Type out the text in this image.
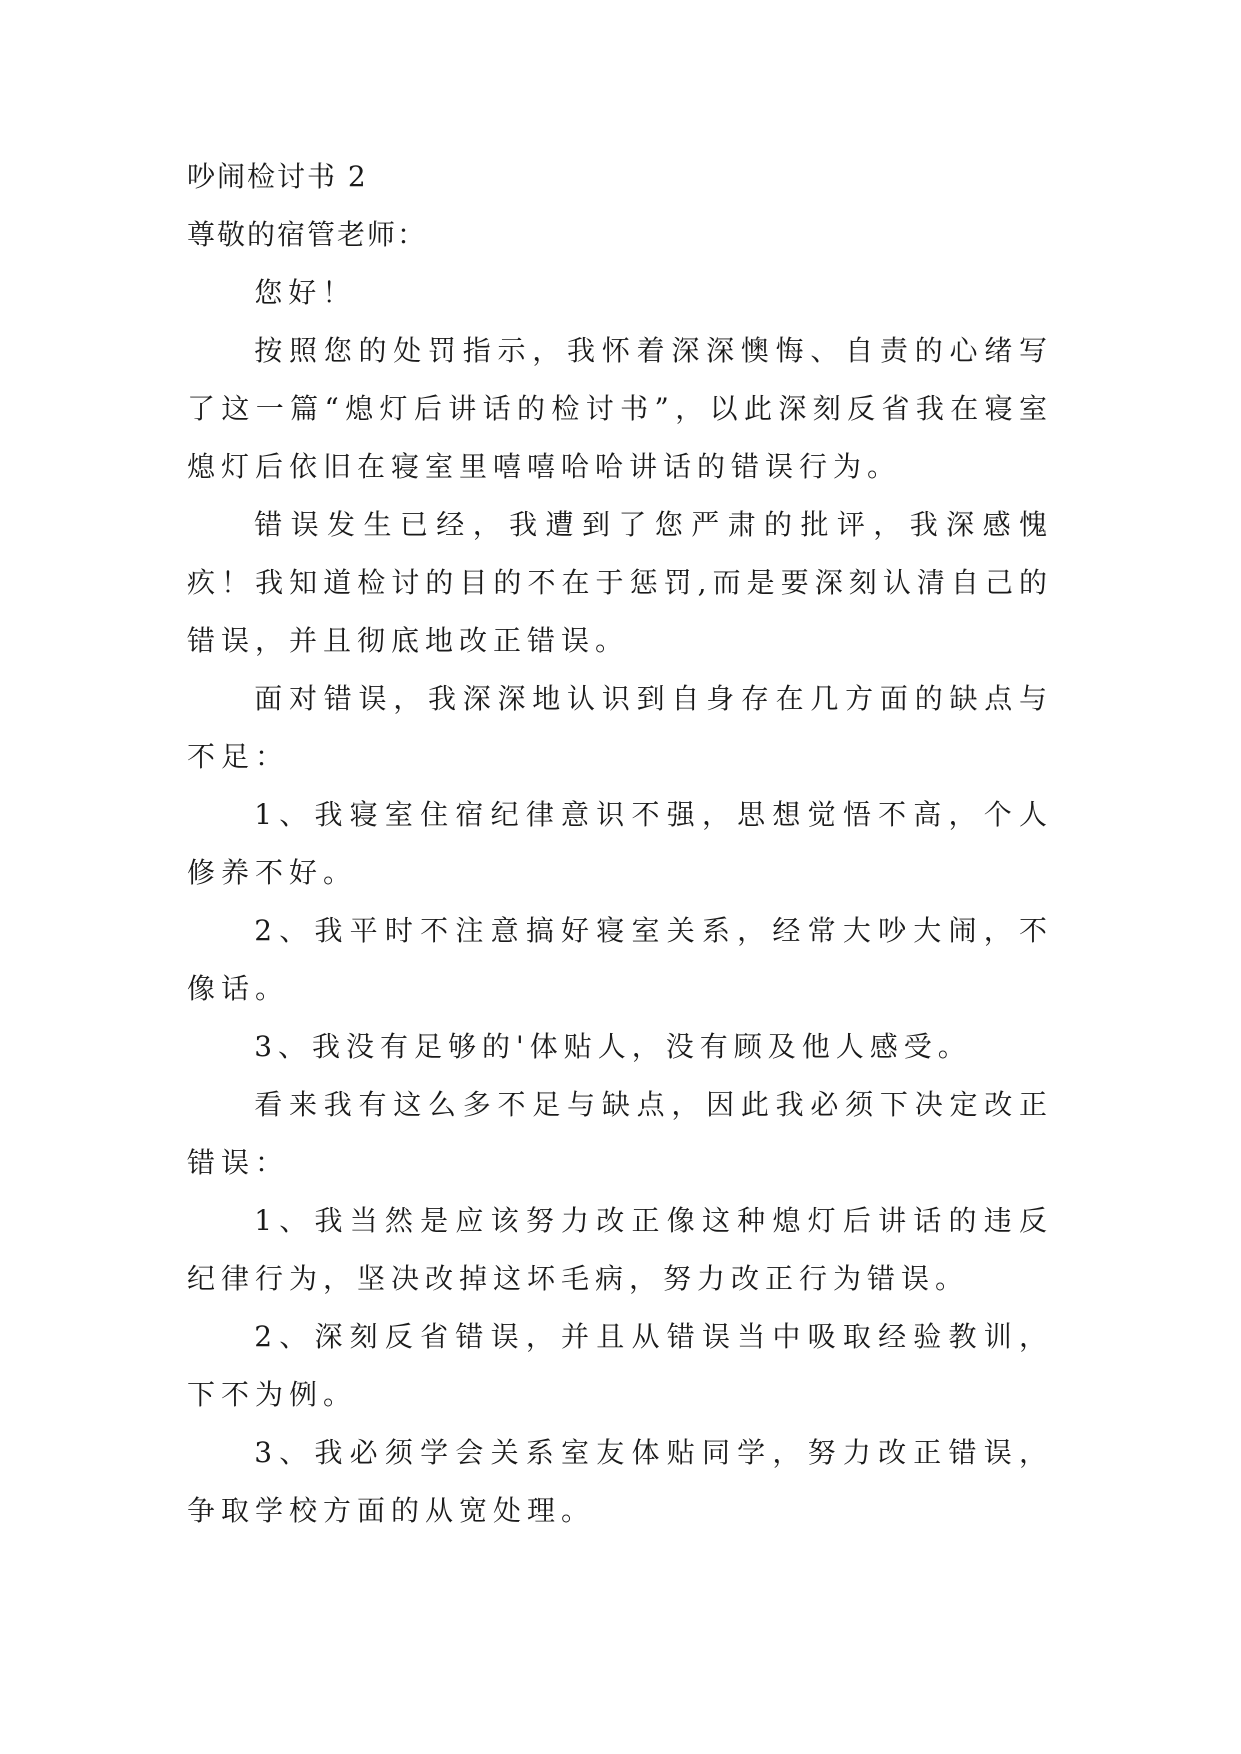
吵闹检讨书 2

尊敬的宿管老师：

您好！

按照您的处罚指示，我怀着深深懊悔、自责的心绪写了这一篇“熄灯后讲话的检讨书”，以此深刻反省我在寝室熄灯后依旧在寝室里嘻嘻哈哈讲话的错误行为。

错误发生已经，我遭到了您严肃的批评，我深感愧疚！我知道检讨的目的不在于惩罚,而是要深刻认清自己的错误，并且彻底地改正错误。

面对错误，我深深地认识到自身存在几方面的缺点与不足：

1、我寝室住宿纪律意识不强，思想觉悟不高，个人修养不好。

2、我平时不注意搞好寝室关系，经常大吵大闹，不像话。

3、我没有足够的'体贴人，没有顾及他人感受。

看来我有这么多不足与缺点，因此我必须下决定改正错误：

1、我当然是应该努力改正像这种熄灯后讲话的违反纪律行为，坚决改掉这坏毛病，努力改正行为错误。

2、深刻反省错误，并且从错误当中吸取经验教训，下不为例。

3、我必须学会关系室友体贴同学，努力改正错误，争取学校方面的从宽处理。
